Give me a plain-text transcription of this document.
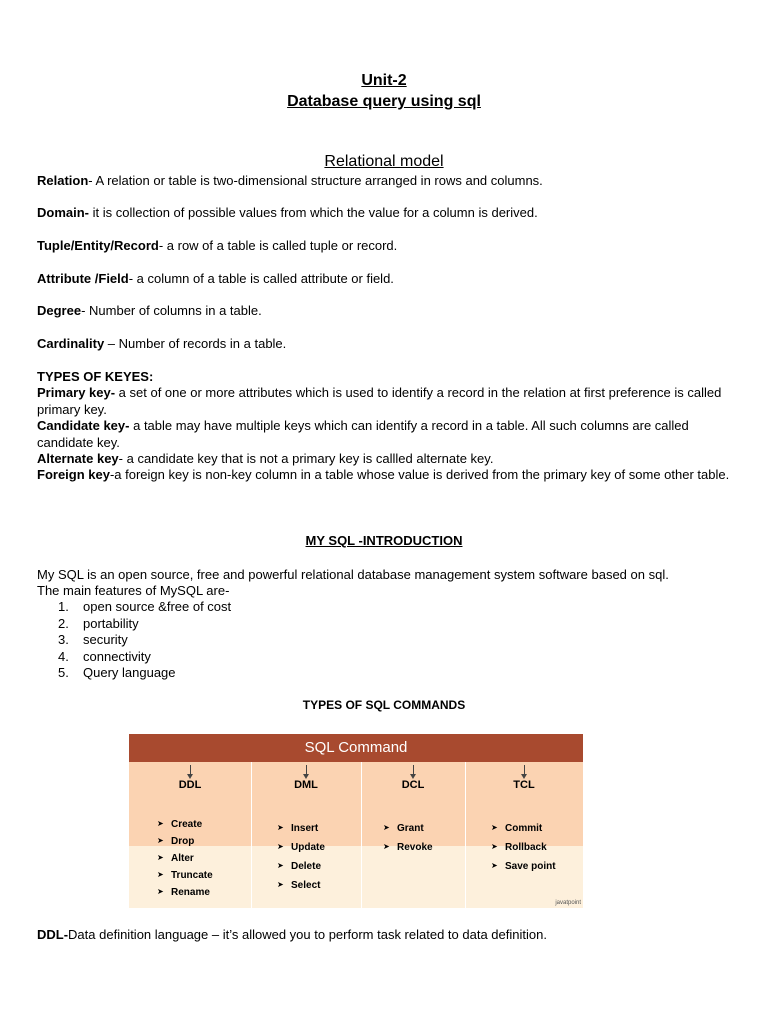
Unit-2
Database query using sql
Relational model
Relation- A relation or table is two-dimensional structure arranged in rows and columns.
Domain- it is collection of possible values from which the value for a column is derived.
Tuple/Entity/Record- a row of a table is called tuple or record.
Attribute /Field- a column of a table is called attribute or field.
Degree- Number of columns in a table.
Cardinality – Number of records in a table.
TYPES OF KEYES:
Primary key- a set of one or more attributes which is used to identify a record in the relation at first preference is called primary key.
Candidate key- a table may have multiple keys which can identify a record in a table. All such columns are called candidate key.
Alternate key- a candidate key that is not a primary key is callled alternate key.
Foreign key-a foreign key is non-key column in a table whose value is derived from the primary key of some other table.
MY SQL -INTRODUCTION
My SQL is an open source, free and powerful relational database management system software based on sql.
The main features of MySQL are-
1. open source &free of cost
2. portability
3. security
4. connectivity
5. Query language
TYPES OF SQL COMMANDS
SQL Command
DDL
➤ Create
➤ Drop
➤ Alter
➤ Truncate
➤ Rename
DML
➤ Insert
➤ Update
➤ Delete
➤ Select
DCL
➤ Grant
➤ Revoke
TCL
➤ Commit
➤ Rollback
➤ Save point
javatpoint
DDL-Data definition language – it’s allowed you to perform task related to data definition.
